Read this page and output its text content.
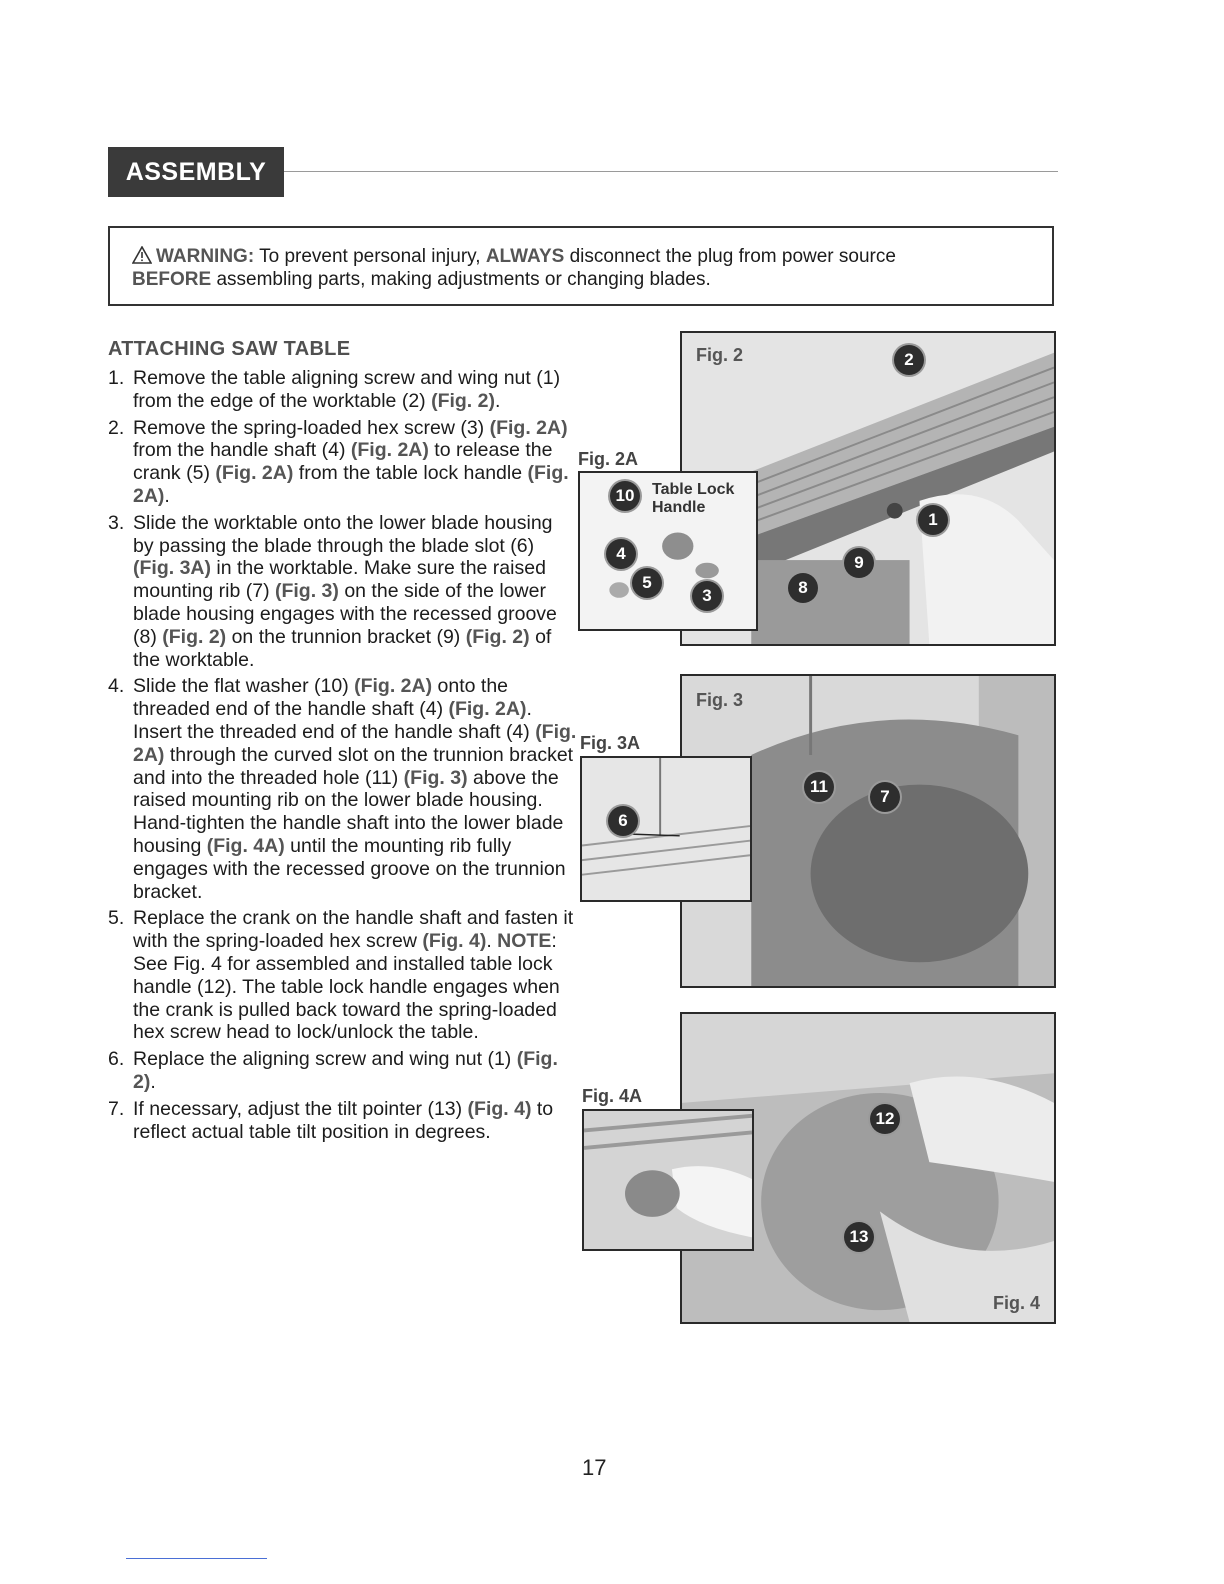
ASSEMBLY
WARNING: To prevent personal injury, ALWAYS disconnect the plug from power source
BEFORE assembling parts, making adjustments or changing blades.
ATTACHING SAW TABLE
1. Remove the table aligning screw and wing nut (1) from the edge of the worktable (2) (Fig. 2).
2. Remove the spring-loaded hex screw (3) (Fig. 2A) from the handle shaft (4) (Fig. 2A) to release the crank (5) (Fig. 2A) from the table lock handle (Fig. 2A).
3. Slide the worktable onto the lower blade housing by passing the blade through the blade slot (6) (Fig. 3A) in the worktable. Make sure the raised mounting rib (7) (Fig. 3) on the side of the lower blade housing engages with the recessed groove (8) (Fig. 2) on the trunnion bracket (9) (Fig. 2) of the worktable.
4. Slide the flat washer (10) (Fig. 2A) onto the threaded end of the handle shaft (4) (Fig. 2A). Insert the threaded end of the handle shaft (4) (Fig. 2A) through the curved slot on the trunnion bracket and into the threaded hole (11) (Fig. 3) above the raised mounting rib on the lower blade housing. Hand-tighten the handle shaft into the lower blade housing (Fig. 4A) until the mounting rib fully engages with the recessed groove on the trunnion bracket.
5. Replace the crank on the handle shaft and fasten it with the spring-loaded hex screw (Fig. 4). NOTE: See Fig. 4 for assembled and installed table lock handle (12). The table lock handle engages when the crank is pulled back toward the spring-loaded hex screw head to lock/unlock the table.
6. Replace the aligning screw and wing nut (1) (Fig. 2).
7. If necessary, adjust the tilt pointer (13) (Fig. 4) to reflect actual table tilt position in degrees.
Fig. 2	2
1
9
8
Fig. 2A
10	Table Lock Handle
4
5
3
Fig. 3
11
7
Fig. 3A
6
12
13
Fig. 4
Fig. 4A
17
